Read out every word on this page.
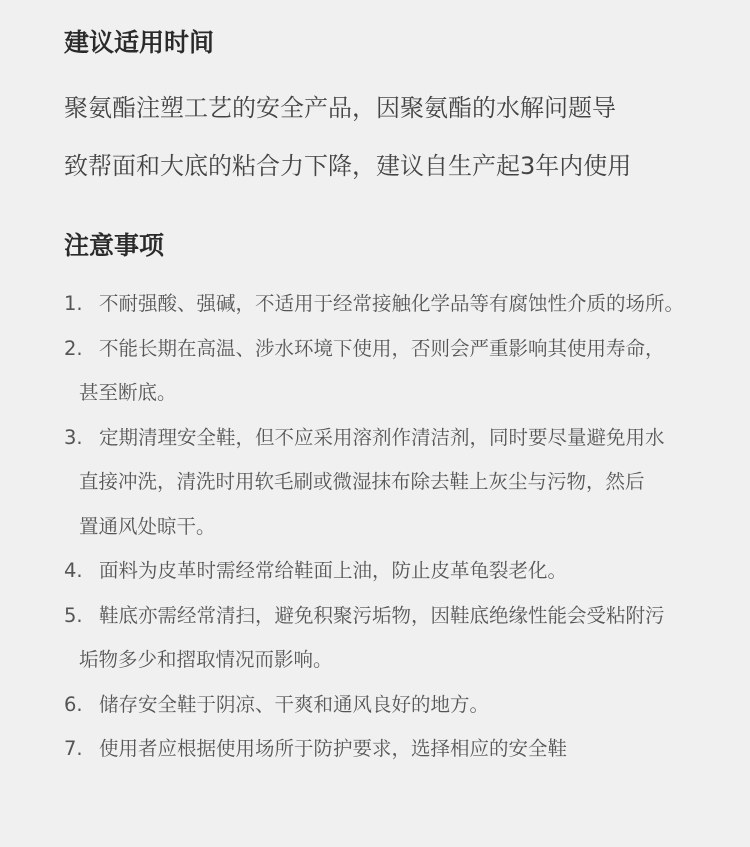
建议适用时间

聚氨酯注塑工艺的安全产品，因聚氨酯的水解问题导
致帮面和大底的粘合力下降，建议自生产起3年内使用

注意事项
1. 不耐强酸、强碱，不适用于经常接触化学品等有腐蚀性介质的场所。
2. 不能长期在高温、涉水环境下使用，否则会严重影响其使用寿命，
甚至断底。
3. 定期清理安全鞋，但不应采用溶剂作清洁剂，同时要尽量避免用水
直接冲洗，清洗时用软毛刷或微湿抹布除去鞋上灰尘与污物，然后
置通风处晾干。
4. 面料为皮革时需经常给鞋面上油，防止皮革龟裂老化。
5. 鞋底亦需经常清扫，避免积聚污垢物，因鞋底绝缘性能会受粘附污
垢物多少和摺取情况而影响。
6. 储存安全鞋于阴凉、干爽和通风良好的地方。
7. 使用者应根据使用场所于防护要求，选择相应的安全鞋
